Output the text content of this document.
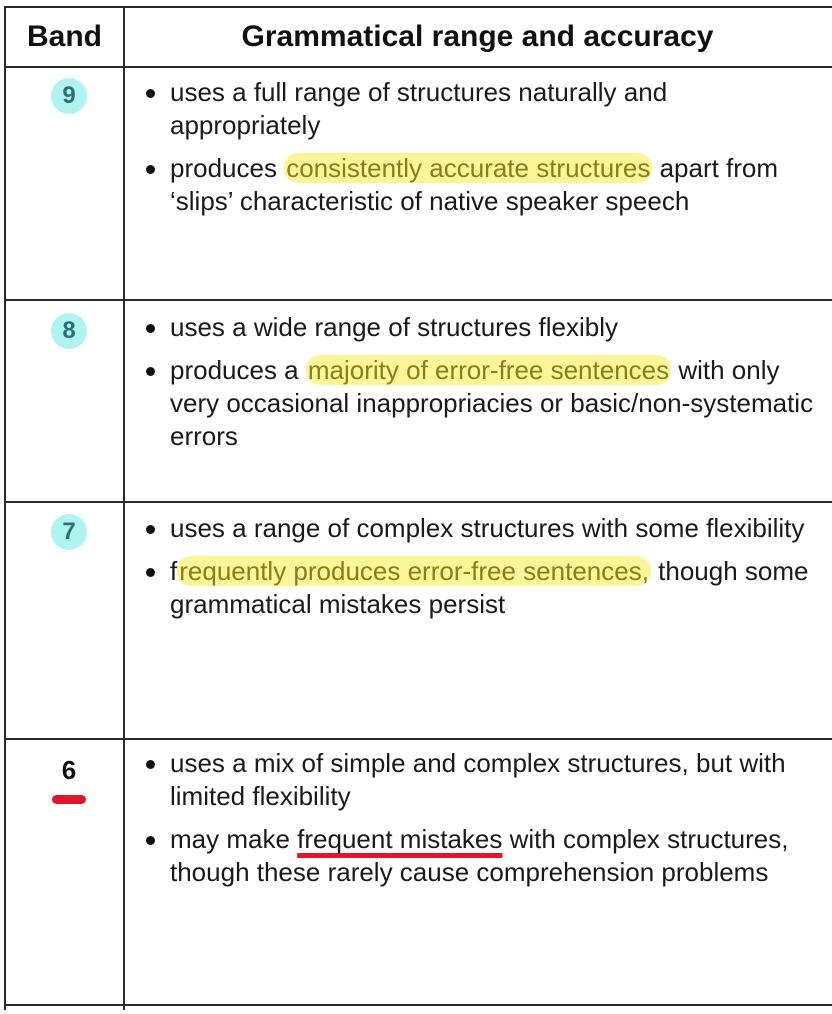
Band	Grammatical range and accuracy
9	uses a full range of structures naturally and appropriately
produces consistently accurate structures apart from ‘slips’ characteristic of native speaker speech
8	uses a wide range of structures flexibly
produces a majority of error-free sentences with only very occasional inappropriacies or basic/non-systematic errors
7	uses a range of complex structures with some flexibility
frequently produces error-free sentences, though some grammatical mistakes persist
6	uses a mix of simple and complex structures, but with limited flexibility
may make frequent mistakes with complex structures, though these rarely cause comprehension problems
